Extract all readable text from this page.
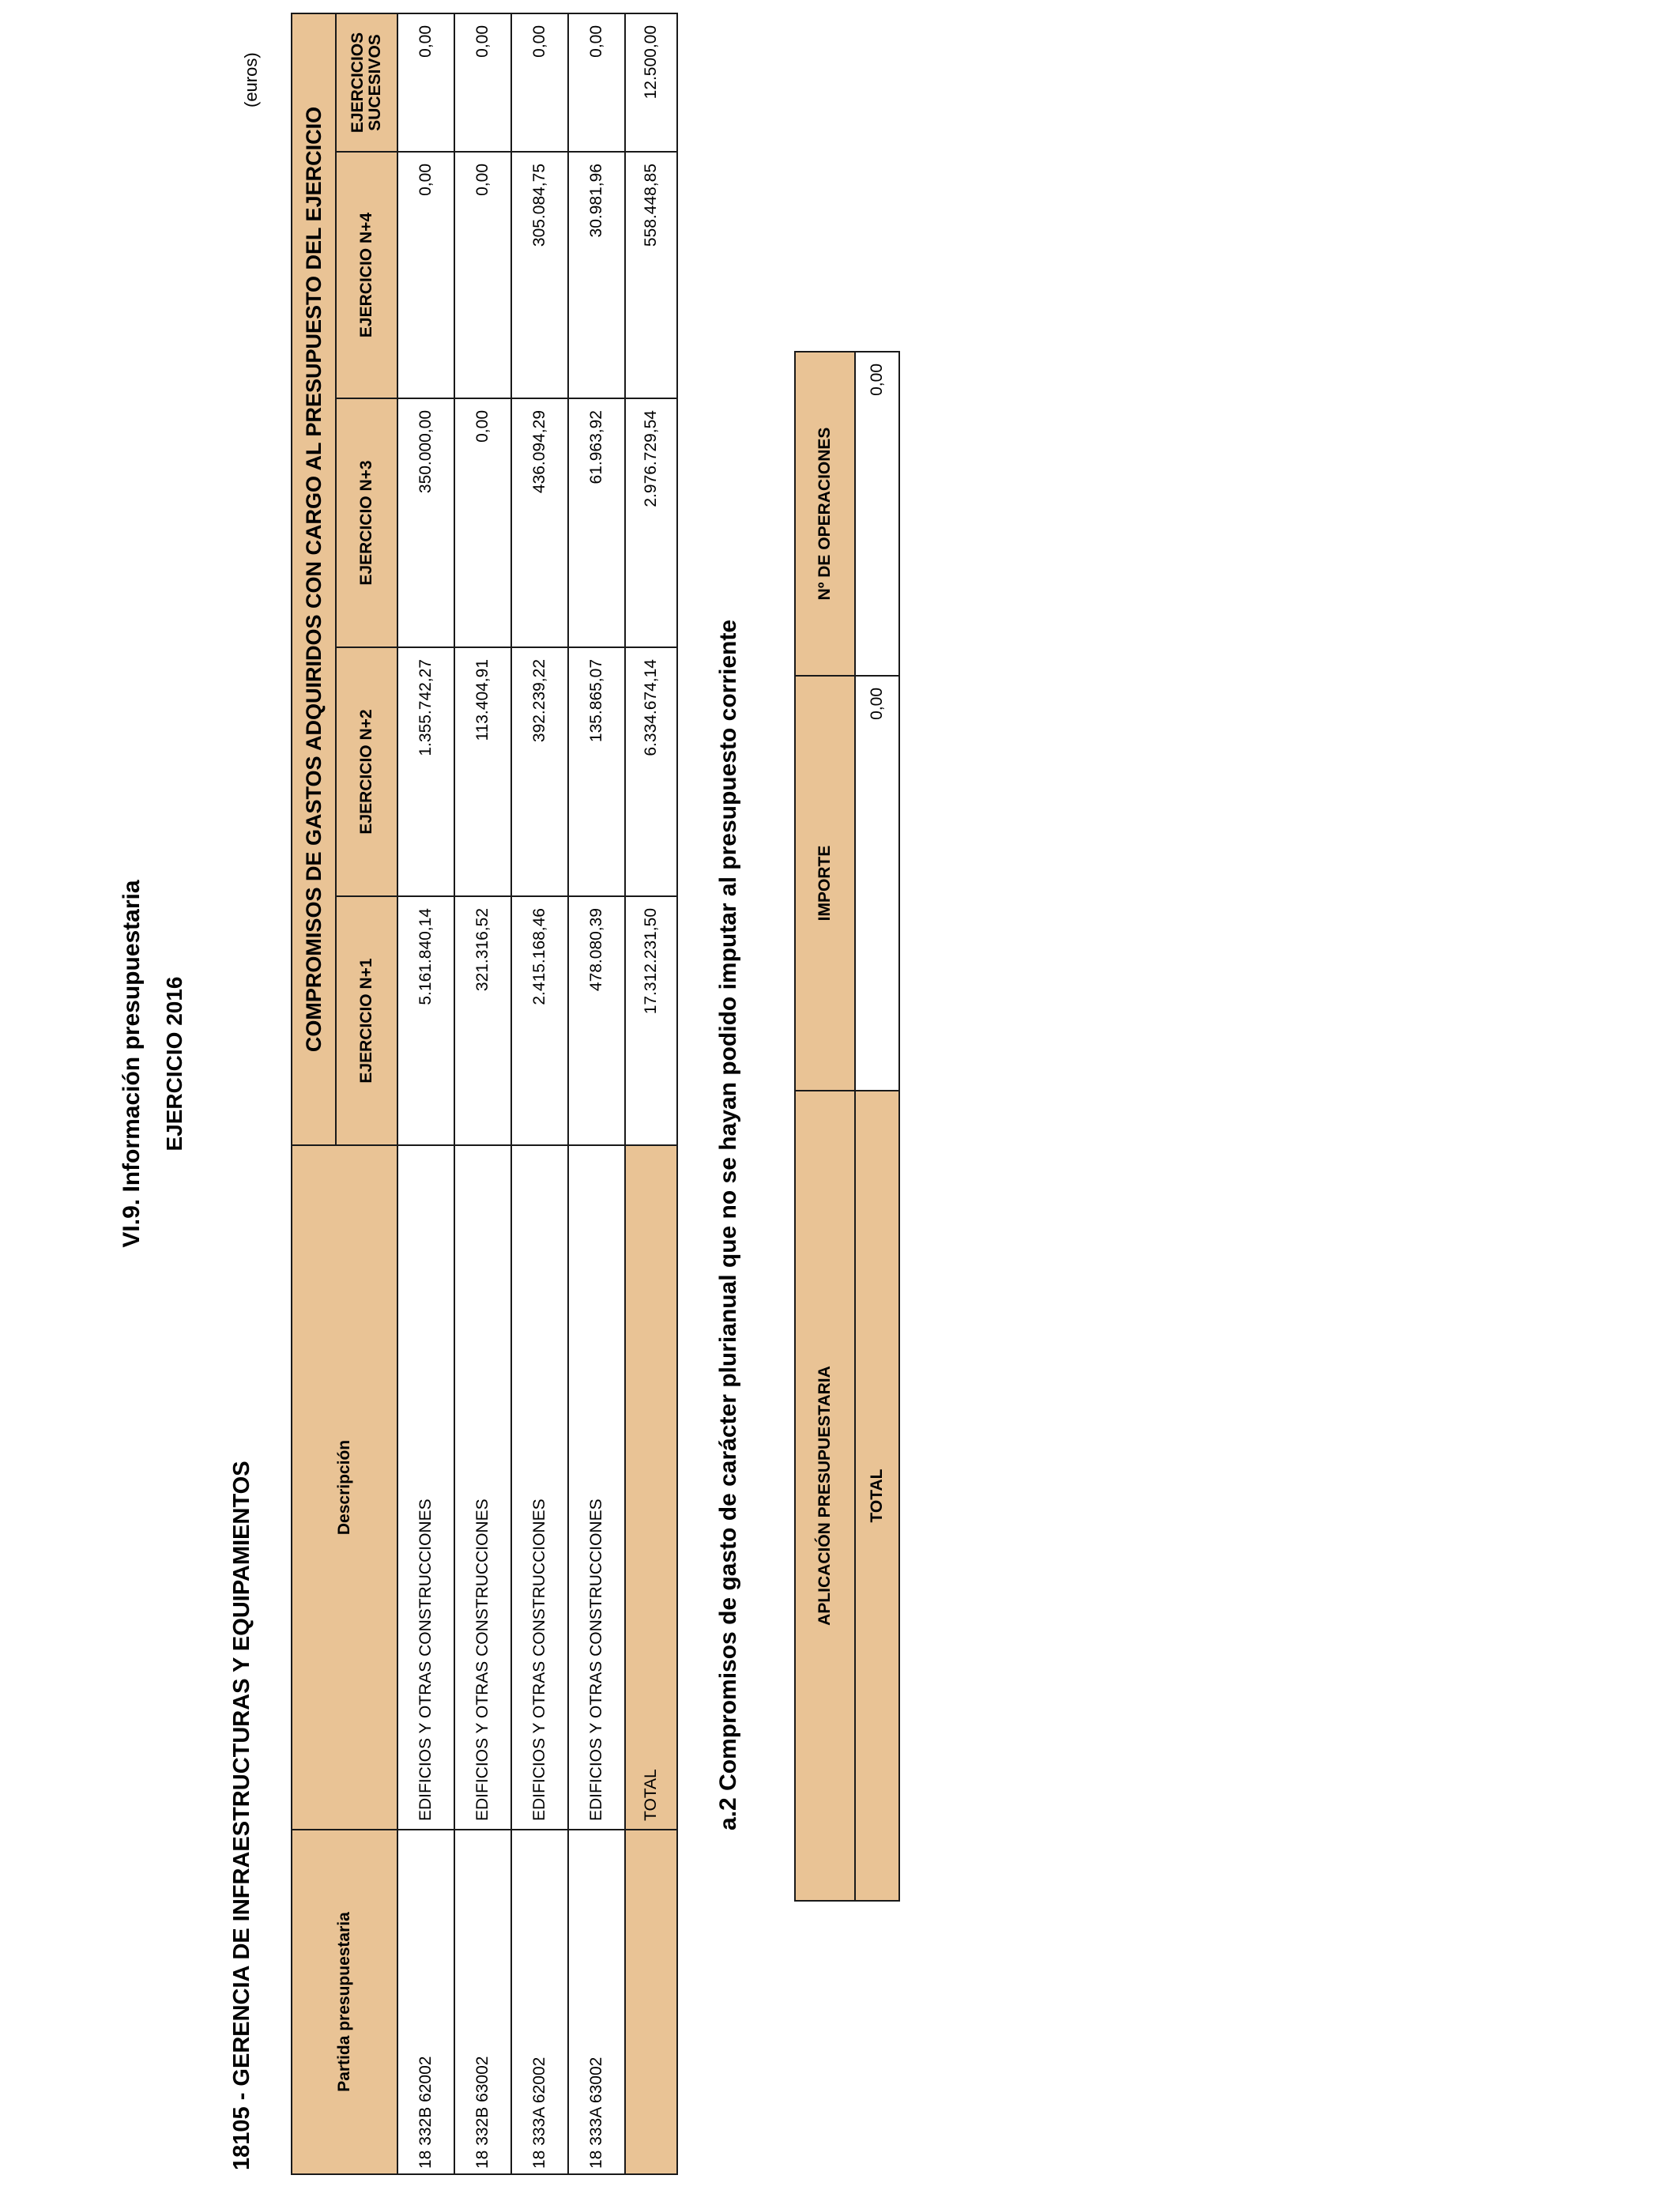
VI.9. Información presupuestaria EJERCICIO 2016
18105 - GERENCIA DE INFRAESTRUCTURAS Y EQUIPAMIENTOS
(euros)
Partida presupuestaria	Descripción	COMPROMISOS DE GASTOS ADQUIRIDOS CON CARGO AL PRESUPUESTO DEL EJERCICIO				
		EJERCICIO N+1	EJERCICIO N+2	EJERCICIO N+3	EJERCICIO N+4	EJERCICIOS SUCESIVOS

18 332B 62002	EDIFICIOS Y OTRAS CONSTRUCCIONES	5.161.840,14	1.355.742,27	350.000,00	0,00	0,00
18 332B 63002	EDIFICIOS Y OTRAS CONSTRUCCIONES	321.316,52	113.404,91	0,00	0,00	0,00
18 333A 62002	EDIFICIOS Y OTRAS CONSTRUCCIONES	2.415.168,46	392.239,22	436.094,29	305.084,75	0,00
18 333A 63002	EDIFICIOS Y OTRAS CONSTRUCCIONES	478.080,39	135.865,07	61.963,92	30.981,96	0,00
	TOTAL	17.312.231,50	6.334.674,14	2.976.729,54	558.448,85	12.500,00
a.2 Compromisos de gasto de carácter plurianual que no se hayan podido imputar al presupuesto corriente	APLICACIÓN PRESUPUESTARIA	IMPORTE	Nº DE OPERACIONES
TOTAL	0,00	0,00
